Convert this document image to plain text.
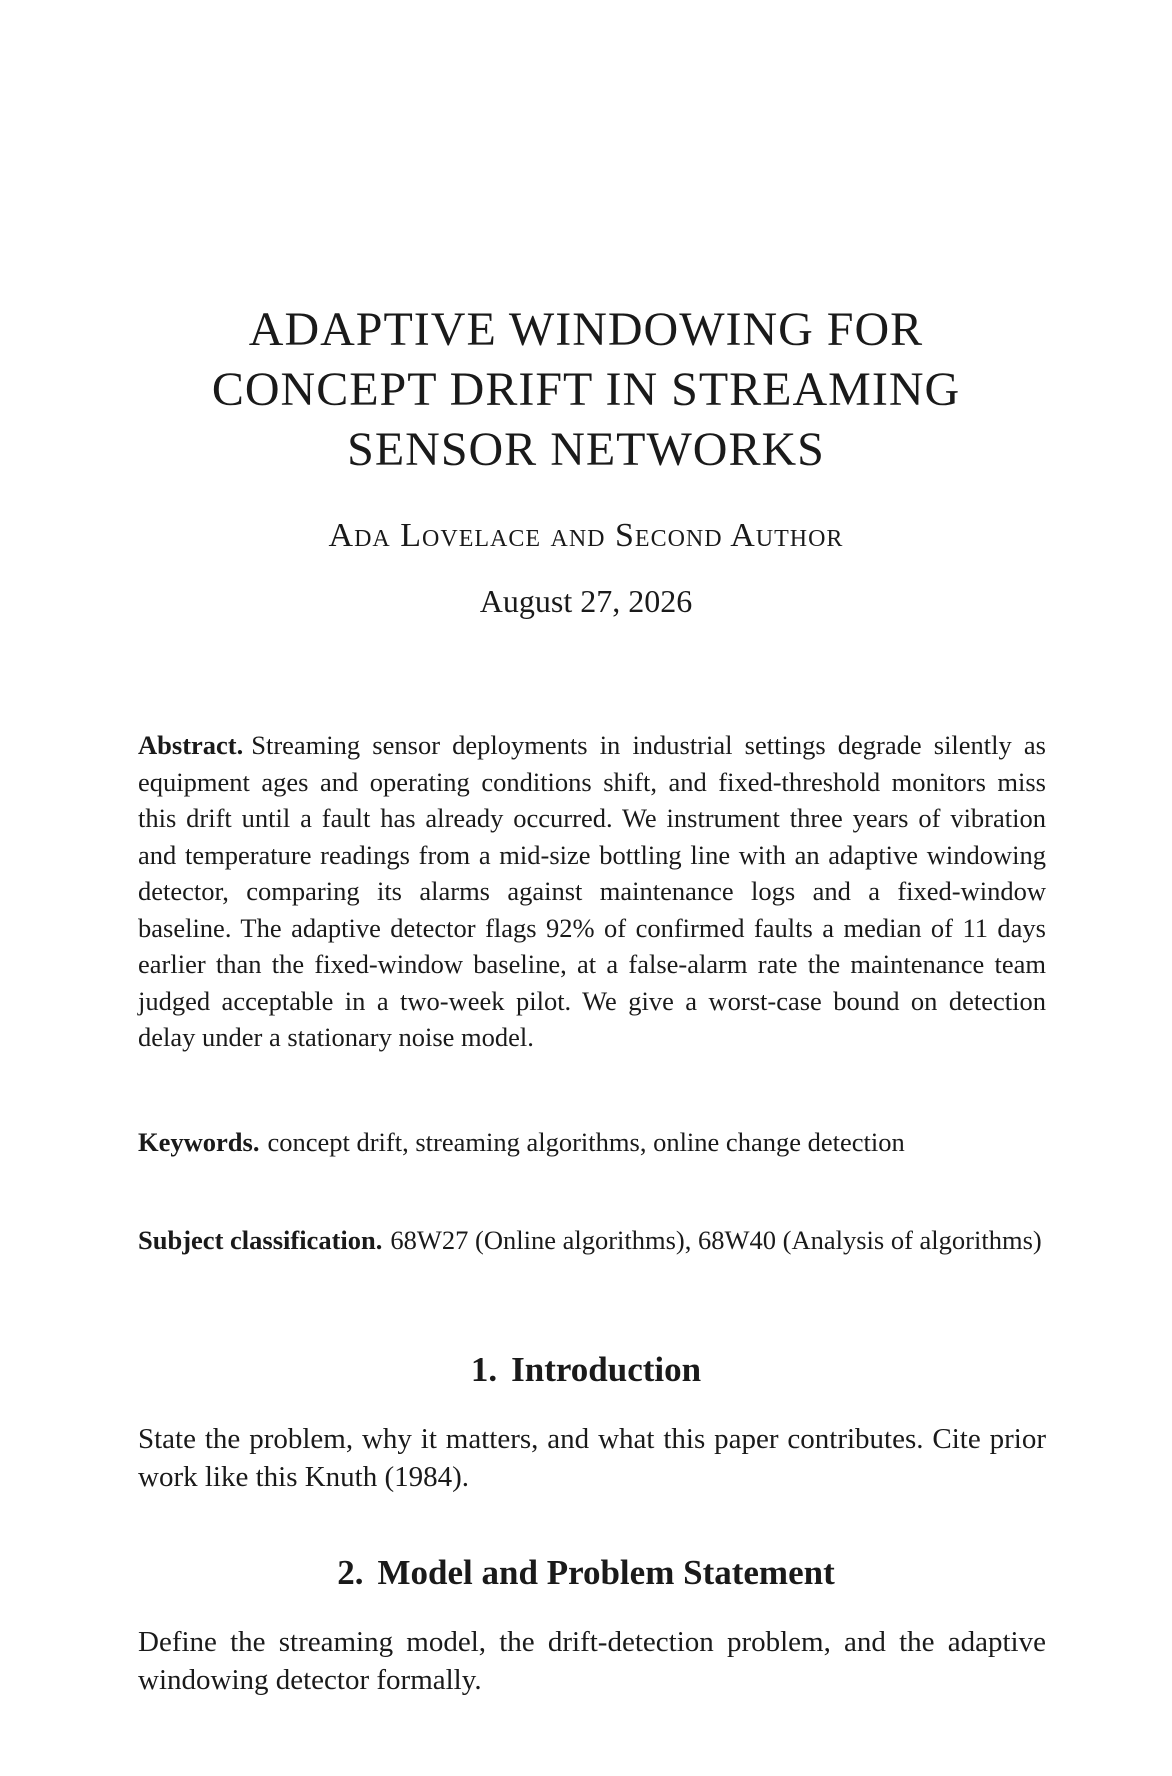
ADAPTIVE WINDOWING FOR
CONCEPT DRIFT IN STREAMING
SENSOR NETWORKS
Ada Lovelace and Second Author
August 27, 2026
Abstract. Streaming sensor deployments in industrial settings degrade silently as equipment ages and operating conditions shift, and fixed-threshold monitors miss this drift until a fault has already occurred. We instrument three years of vibration and temperature readings from a mid-size bottling line with an adaptive windowing detector, comparing its alarms against maintenance logs and a fixed-window baseline. The adaptive detector flags 92% of confirmed faults a median of 11 days earlier than the fixed-window baseline, at a false-alarm rate the maintenance team judged acceptable in a two-week pilot. We give a worst-case bound on detection delay under a stationary noise model.
Keywords. concept drift, streaming algorithms, online change detection
Subject classification. 68W27 (Online algorithms), 68W40 (Analysis of algorithms)
1. Introduction

State the problem, why it matters, and what this paper contributes. Cite prior work like this Knuth (1984).

2. Model and Problem Statement

Define the streaming model, the drift-detection problem, and the adaptive windowing detector formally.
